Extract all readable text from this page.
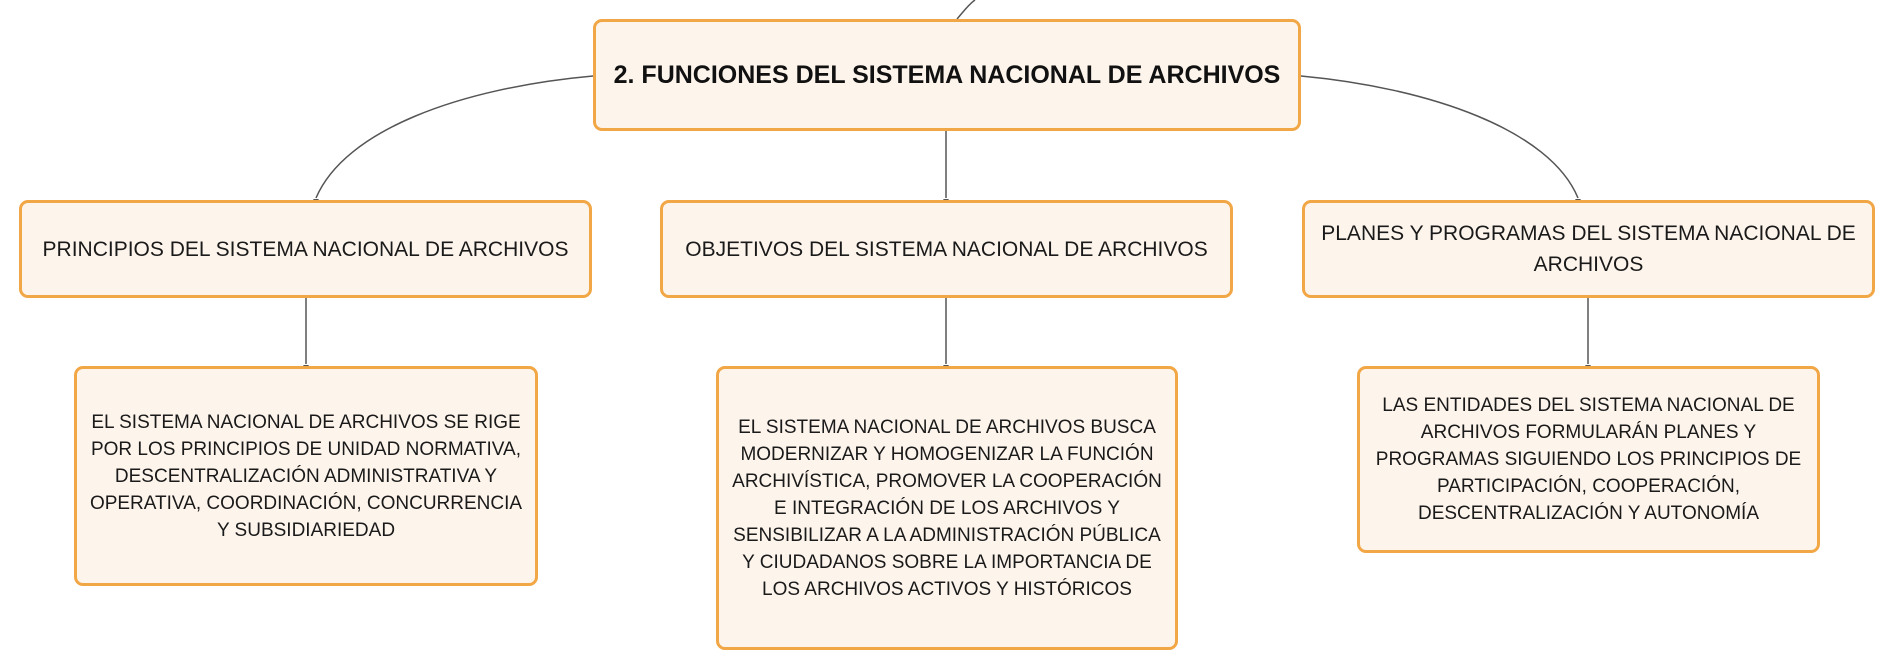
2. FUNCIONES DEL SISTEMA NACIONAL DE ARCHIVOS
PRINCIPIOS DEL SISTEMA NACIONAL DE ARCHIVOS	OBJETIVOS DEL SISTEMA NACIONAL DE ARCHIVOS
PLANES Y PROGRAMAS DEL SISTEMA NACIONAL DE ARCHIVOS
EL SISTEMA NACIONAL DE ARCHIVOS SE RIGE POR LOS PRINCIPIOS DE UNIDAD NORMATIVA, DESCENTRALIZACIÓN ADMINISTRATIVA Y OPERATIVA, COORDINACIÓN, CONCURRENCIA Y SUBSIDIARIEDAD
EL SISTEMA NACIONAL DE ARCHIVOS BUSCA MODERNIZAR Y HOMOGENIZAR LA FUNCIÓN ARCHIVÍSTICA, PROMOVER LA COOPERACIÓN E INTEGRACIÓN DE LOS ARCHIVOS Y SENSIBILIZAR A LA ADMINISTRACIÓN PÚBLICA Y CIUDADANOS SOBRE LA IMPORTANCIA DE LOS ARCHIVOS ACTIVOS Y HISTÓRICOS
LAS ENTIDADES DEL SISTEMA NACIONAL DE ARCHIVOS FORMULARÁN PLANES Y PROGRAMAS SIGUIENDO LOS PRINCIPIOS DE PARTICIPACIÓN, COOPERACIÓN, DESCENTRALIZACIÓN Y AUTONOMÍA
